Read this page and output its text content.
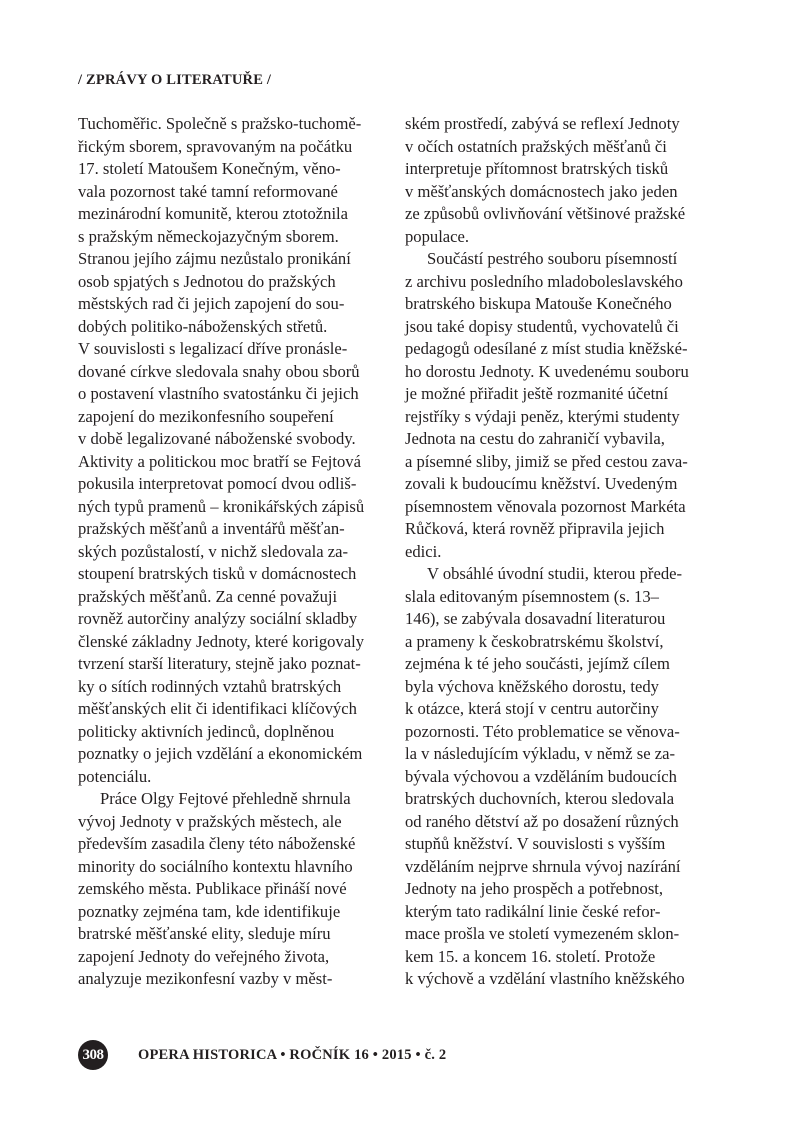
/ ZPRÁVY O LITERATUŘE /
Tuchoměřic. Společně s pražsko-tuchomě-
řickým sborem, spravovaným na počátku
17. století Matoušem Konečným, věno-
vala pozornost také tamní reformované
mezinárodní komunitě, kterou ztotožnila
s pražským německojazyčným sborem.
Stranou jejího zájmu nezůstalo pronikání
osob spjatých s Jednotou do pražských
městských rad či jejich zapojení do sou-
dobých politiko-náboženských střetů.
V souvislosti s legalizací dříve pronásle-
dované církve sledovala snahy obou sborů
o postavení vlastního svatostánku či jejich
zapojení do mezikonfesního soupeření
v době legalizované náboženské svobody.
Aktivity a politickou moc bratří se Fejtová
pokusila interpretovat pomocí dvou odliš-
ných typů pramenů – kronikářských zápisů
pražských měšťanů a inventářů měšťan-
ských pozůstalostí, v nichž sledovala za-
stoupení bratrských tisků v domácnostech
pražských měšťanů. Za cenné považuji
rovněž autorčiny analýzy sociální skladby
členské základny Jednoty, které korigovaly
tvrzení starší literatury, stejně jako poznat-
ky o sítích rodinných vztahů bratrských
měšťanských elit či identifikaci klíčových
politicky aktivních jedinců, doplněnou
poznatky o jejich vzdělání a ekonomickém
potenciálu.
Práce Olgy Fejtové přehledně shrnula
vývoj Jednoty v pražských městech, ale
především zasadila členy této náboženské
minority do sociálního kontextu hlavního
zemského města. Publikace přináší nové
poznatky zejména tam, kde identifikuje
bratrské měšťanské elity, sleduje míru
zapojení Jednoty do veřejného života,
analyzuje mezikonfesní vazby v měst-
ském prostředí, zabývá se reflexí Jednoty
v očích ostatních pražských měšťanů či
interpretuje přítomnost bratrských tisků
v měšťanských domácnostech jako jeden
ze způsobů ovlivňování většinové pražské
populace.
Součástí pestrého souboru písemností
z archivu posledního mladoboleslavského
bratrského biskupa Matouše Konečného
jsou také dopisy studentů, vychovatelů či
pedagogů odesílané z míst studia kněžské-
ho dorostu Jednoty. K uvedenému souboru
je možné přiřadit ještě rozmanité účetní
rejstříky s výdaji peněz, kterými studenty
Jednota na cestu do zahraničí vybavila,
a písemné sliby, jimiž se před cestou zava-
zovali k budoucímu kněžství. Uvedeným
písemnostem věnovala pozornost Markéta
Růčková, která rovněž připravila jejich
edici.
V obsáhlé úvodní studii, kterou přede-
slala editovaným písemnostem (s. 13–
146), se zabývala dosavadní literaturou
a prameny k českobratrskému školství,
zejména k té jeho součásti, jejímž cílem
byla výchova kněžského dorostu, tedy
k otázce, která stojí v centru autorčiny
pozornosti. Této problematice se věnova-
la v následujícím výkladu, v němž se za-
bývala výchovou a vzděláním budoucích
bratrských duchovních, kterou sledovala
od raného dětství až po dosažení různých
stupňů kněžství. V souvislosti s vyšším
vzděláním nejprve shrnula vývoj nazírání
Jednoty na jeho prospěch a potřebnost,
kterým tato radikální linie české refor-
mace prošla ve století vymezeném sklon-
kem 15. a koncem 16. století. Protože
k výchově a vzdělání vlastního kněžského
308	OPERA HISTORICA • ROČNÍK 16 • 2015 • č. 2
